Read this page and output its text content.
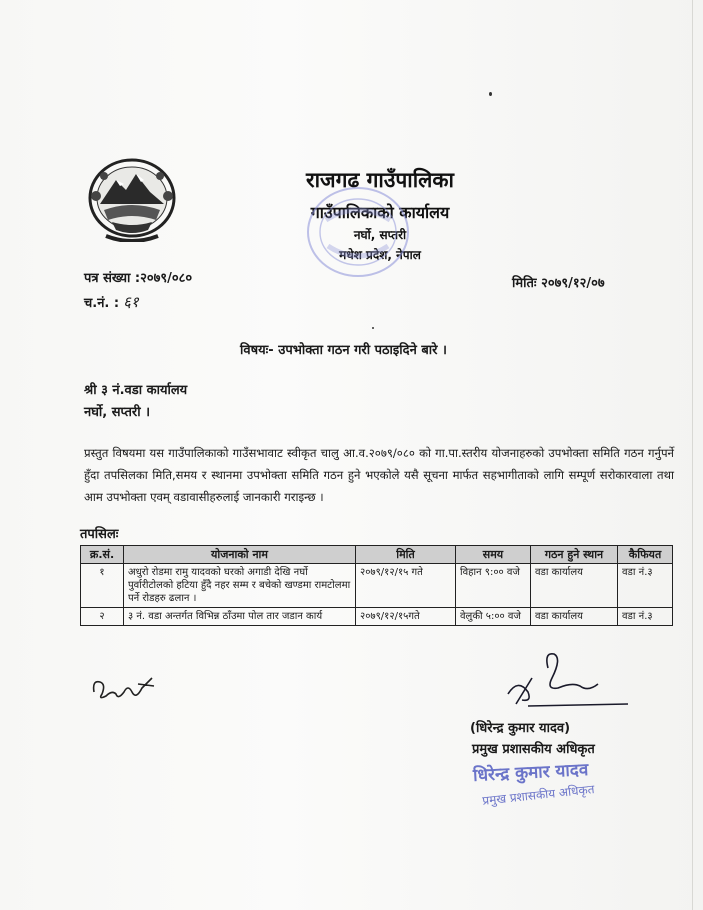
राजगढ गाउँपालिका
गाउँपालिकाको कार्यालय
नर्घो, सप्तरी
मधेश प्रदेश, नेपाल
पत्र संख्या :२०७९/०८०
च.नं. : ६१
मितिः २०७९/१२/०७
विषयः- उपभोक्ता गठन गरी पठाइदिने बारे ।
श्री ३ नं.वडा कार्यालय
नर्घो, सप्तरी ।
प्रस्तुत विषयमा यस गाउँपालिकाको गाउँसभावाट स्वीकृत चालु आ.व.२०७९/०८० को गा.पा.स्तरीय योजनाहरुको उपभोक्ता समिति गठन गर्नुपर्ने हुँदा तपसिलका मिति,समय र स्थानमा उपभोक्ता समिति गठन हुने भएकोले यसै सूचना मार्फत सहभागीताको लागि सम्पूर्ण सरोकारवाला तथा आम उपभोक्ता एवम् वडावासीहरुलाई जानकारी गराइन्छ ।
तपसिलः
क्र.सं.	योजनाको नाम	मिति	समय	गठन हुने स्थान	कैफियत
१	अधुरो रोडमा रामु यादवको घरको अगाडी देखि नर्घो पुर्वारीटोलको हटिया हुँदै नहर सम्म र बचेको खण्डमा रामटोलमा पर्ने रोडहरु ढलान ।	२०७९/१२/१५ गते	विहान ९:०० वजे	वडा कार्यालय	वडा नं.३
२	३ नं. वडा अन्तर्गत विभिन्न ठाँउमा पोल तार जडान कार्य	२०७९/१२/१५गते	वेलुकी ५:०० वजे	वडा कार्यालय	वडा नं.३
(धिरेन्द्र कुमार यादव)
प्रमुख प्रशासकीय अधिकृत
धिरेन्द्र कुमार यादव
प्रमुख प्रशासकीय अधिकृत
